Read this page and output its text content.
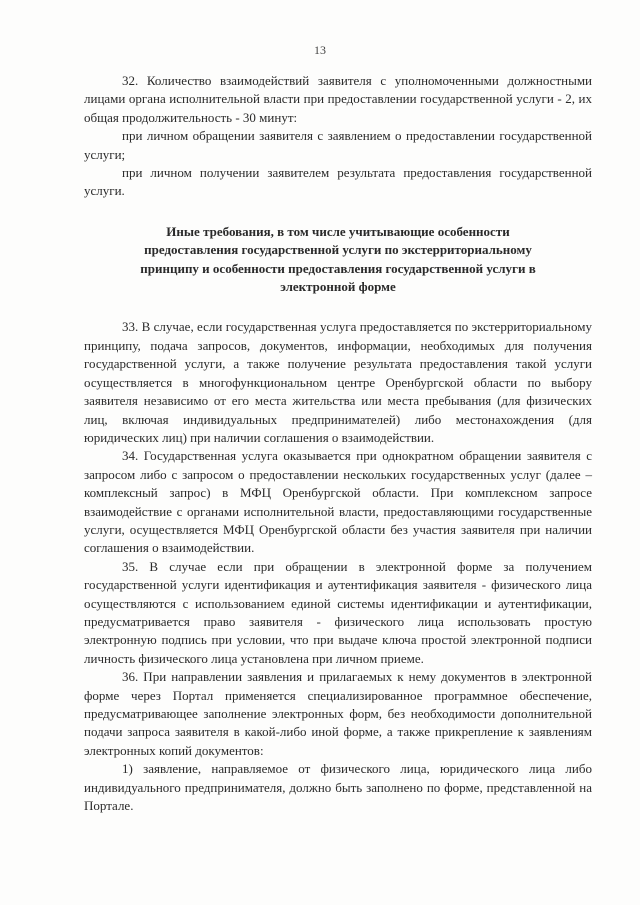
13

32. Количество взаимодействий заявителя с уполномоченными должностными лицами органа исполнительной власти при предоставлении государственной услуги - 2, их общая продолжительность - 30 минут:

при личном обращении заявителя с заявлением о предоставлении государственной услуги;

при личном получении заявителем результата предоставления государственной услуги.

Иные требования, в том числе учитывающие особенности
предоставления государственной услуги по экстерриториальному
принципу и особенности предоставления государственной услуги в
электронной форме

33. В случае, если государственная услуга предоставляется по экстерриториальному принципу, подача запросов, документов, информации, необходимых для получения государственной услуги, а также получение результата предоставления такой услуги осуществляется в многофункциональном центре Оренбургской области по выбору заявителя независимо от его места жительства или места пребывания (для физических лиц, включая индивидуальных предпринимателей) либо местонахождения (для юридических лиц) при наличии соглашения о взаимодействии.

34. Государственная услуга оказывается при однократном обращении заявителя с запросом либо с запросом о предоставлении нескольких государственных услуг (далее – комплексный запрос) в МФЦ Оренбургской области. При комплексном запросе взаимодействие с органами исполнительной власти, предоставляющими государственные услуги, осуществляется МФЦ Оренбургской области без участия заявителя при наличии соглашения о взаимодействии.

35. В случае если при обращении в электронной форме за получением государственной услуги идентификация и аутентификация заявителя - физического лица осуществляются с использованием единой системы идентификации и аутентификации, предусматривается право заявителя - физического лица использовать простую электронную подпись при условии, что при выдаче ключа простой электронной подписи личность физического лица установлена при личном приеме.

36. При направлении заявления и прилагаемых к нему документов в электронной форме через Портал применяется специализированное программное обеспечение, предусматривающее заполнение электронных форм, без необходимости дополнительной подачи запроса заявителя в какой-либо иной форме, а также прикрепление к заявлениям электронных копий документов:

1) заявление, направляемое от физического лица, юридического лица либо индивидуального предпринимателя, должно быть заполнено по форме, представленной на Портале.
